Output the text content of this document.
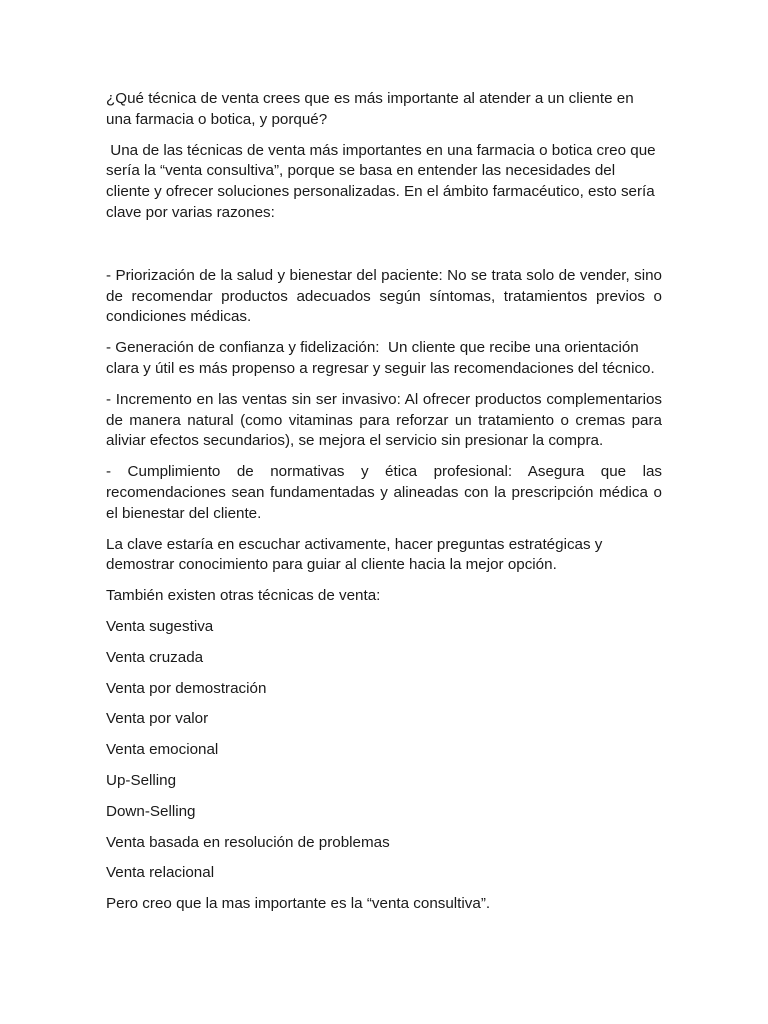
¿Qué técnica de venta crees que es más importante al atender a un cliente en una farmacia o botica, y porqué?

Una de las técnicas de venta más importantes en una farmacia o botica creo que sería la “venta consultiva”, porque se basa en entender las necesidades del cliente y ofrecer soluciones personalizadas. En el ámbito farmacéutico, esto sería clave por varias razones:

- Priorización de la salud y bienestar del paciente: No se trata solo de vender, sino de recomendar productos adecuados según síntomas, tratamientos previos o condiciones médicas.

- Generación de confianza y fidelización:  Un cliente que recibe una orientación clara y útil es más propenso a regresar y seguir las recomendaciones del técnico.

- Incremento en las ventas sin ser invasivo: Al ofrecer productos complementarios de manera natural (como vitaminas para reforzar un tratamiento o cremas para aliviar efectos secundarios), se mejora el servicio sin presionar la compra.

- Cumplimiento de normativas y ética profesional: Asegura que las recomendaciones sean fundamentadas y alineadas con la prescripción médica o el bienestar del cliente.

La clave estaría en escuchar activamente, hacer preguntas estratégicas y demostrar conocimiento para guiar al cliente hacia la mejor opción.

También existen otras técnicas de venta:

Venta sugestiva

Venta cruzada

Venta por demostración

Venta por valor

Venta emocional

Up-Selling

Down-Selling

Venta basada en resolución de problemas

Venta relacional

Pero creo que la mas importante es la “venta consultiva”.
